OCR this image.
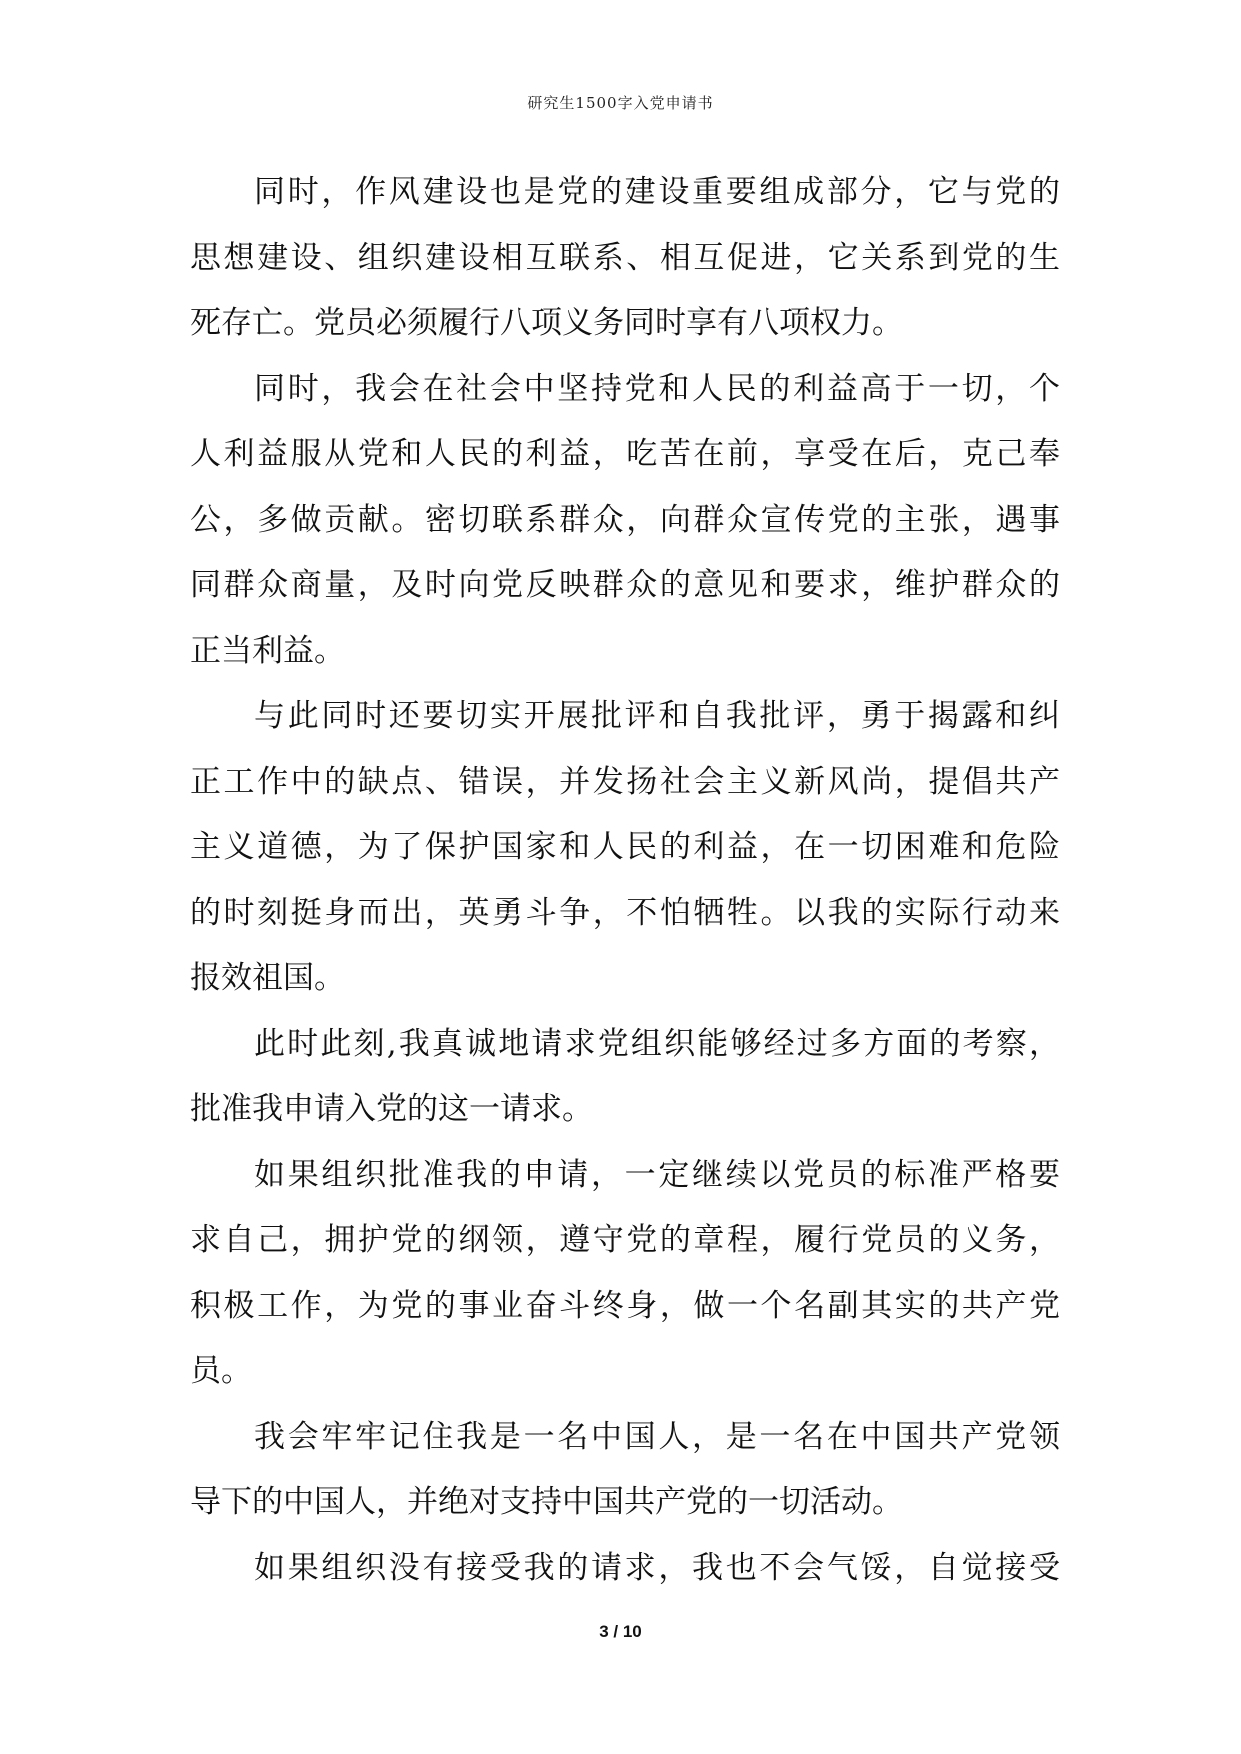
研究生1500字入党申请书
同时，作风建设也是党的建设重要组成部分，它与党的
思想建设、组织建设相互联系、相互促进，它关系到党的生
死存亡。党员必须履行八项义务同时享有八项权力。
同时，我会在社会中坚持党和人民的利益高于一切，个
人利益服从党和人民的利益，吃苦在前，享受在后，克己奉
公，多做贡献。密切联系群众，向群众宣传党的主张，遇事
同群众商量，及时向党反映群众的意见和要求，维护群众的
正当利益。
与此同时还要切实开展批评和自我批评，勇于揭露和纠
正工作中的缺点、错误，并发扬社会主义新风尚，提倡共产
主义道德，为了保护国家和人民的利益，在一切困难和危险
的时刻挺身而出，英勇斗争，不怕牺牲。以我的实际行动来
报效祖国。
此时此刻,我真诚地请求党组织能够经过多方面的考察，
批准我申请入党的这一请求。
如果组织批准我的申请，一定继续以党员的标准严格要
求自己，拥护党的纲领，遵守党的章程，履行党员的义务，
积极工作，为党的事业奋斗终身，做一个名副其实的共产党
员。
我会牢牢记住我是一名中国人，是一名在中国共产党领
导下的中国人，并绝对支持中国共产党的一切活动。
如果组织没有接受我的请求，我也不会气馁，自觉接受
3 / 10
